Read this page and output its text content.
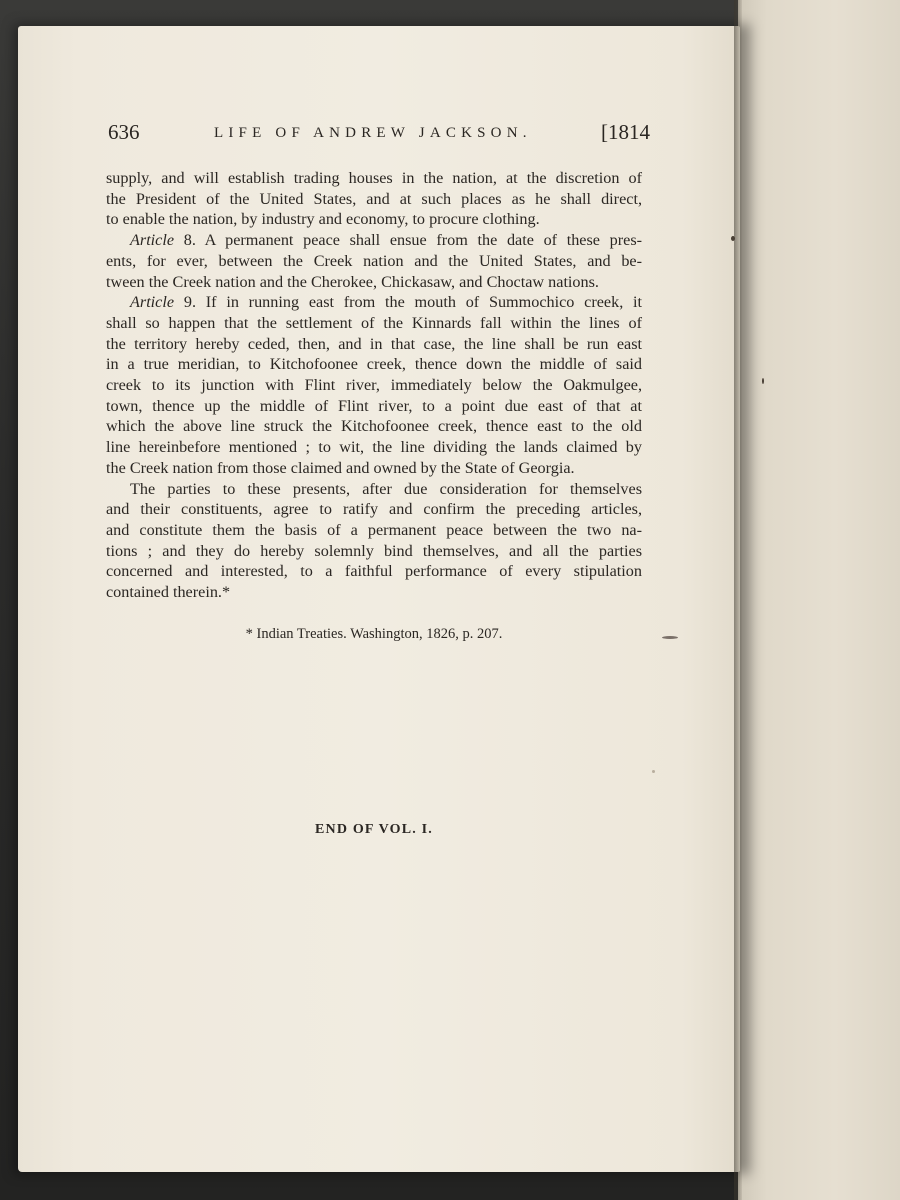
636	LIFE OF ANDREW JACKSON.	[1814

supply, and will establish trading houses in the nation, at the discretion of

the President of the United States, and at such places as he shall direct,

to enable the nation, by industry and economy, to procure clothing.

Article 8. A permanent peace shall ensue from the date of these pres-

ents, for ever, between the Creek nation and the United States, and be-

tween the Creek nation and the Cherokee, Chickasaw, and Choctaw nations.

Article 9. If in running east from the mouth of Summochico creek, it

shall so happen that the settlement of the Kinnards fall within the lines of

the territory hereby ceded, then, and in that case, the line shall be run east

in a true meridian, to Kitchofoonee creek, thence down the middle of said

creek to its junction with Flint river, immediately below the Oakmulgee,

town, thence up the middle of Flint river, to a point due east of that at

which the above line struck the Kitchofoonee creek, thence east to the old

line hereinbefore mentioned ; to wit, the line dividing the lands claimed by

the Creek nation from those claimed and owned by the State of Georgia.

The parties to these presents, after due consideration for themselves

and their constituents, agree to ratify and confirm the preceding articles,

and constitute them the basis of a permanent peace between the two na-

tions ; and they do hereby solemnly bind themselves, and all the parties

concerned and interested, to a faithful performance of every stipulation

contained therein.*

* Indian Treaties. Washington, 1826, p. 207.
END OF VOL. I.
